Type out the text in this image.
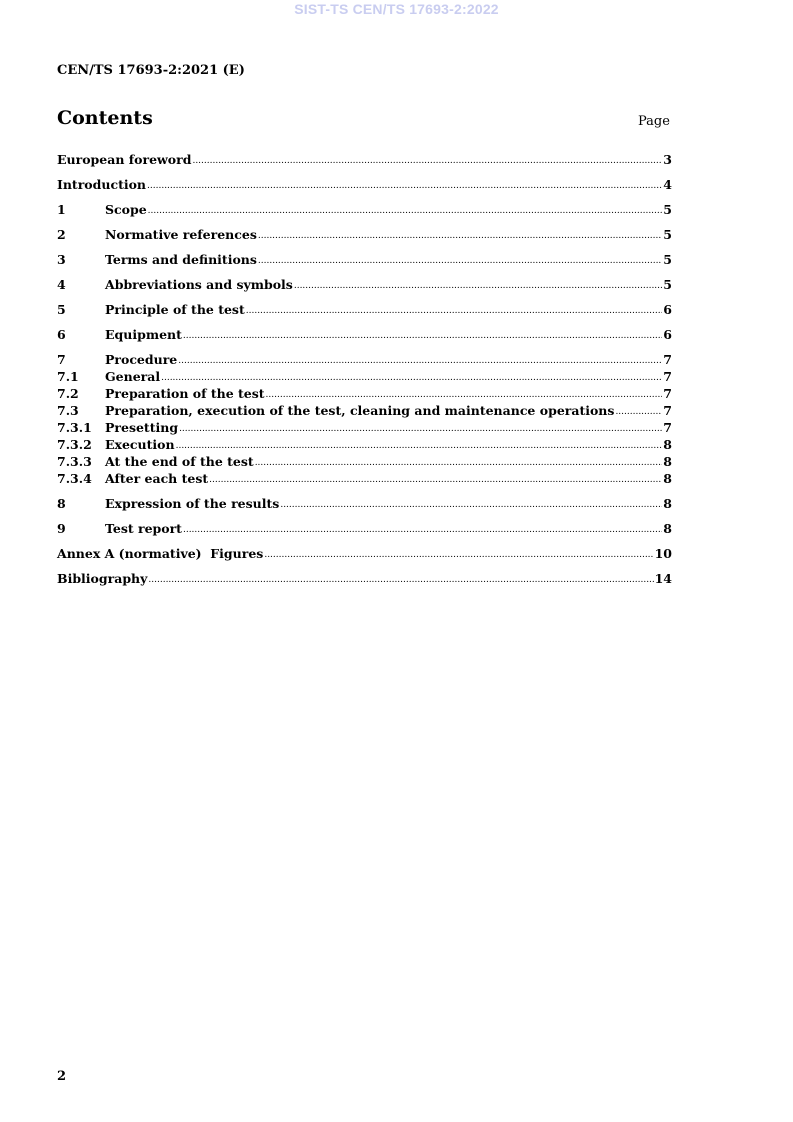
SIST-TS CEN/TS 17693-2:2022
CEN/TS 17693-2:2021 (E)
Contents	Page
European foreword .....	3
Introduction .....	4
1	Scope .....	5
2	Normative references .....	5
3	Terms and definitions .....	5
4	Abbreviations and symbols .....	5
5	Principle of the test .....	6
6	Equipment .....	6
7	Procedure .....	7
7.1	General .....	7
7.2	Preparation of the test .....	7
7.3	Preparation, execution of the test, cleaning and maintenance operations .....	7
7.3.1	Presetting .....	7
7.3.2	Execution .....	8
7.3.3	At the end of the test .....	8
7.3.4	After each test .....	8
8	Expression of the results .....	8
9	Test report .....	8
Annex A (normative)  Figures .....	10
Bibliography .....	14
2
